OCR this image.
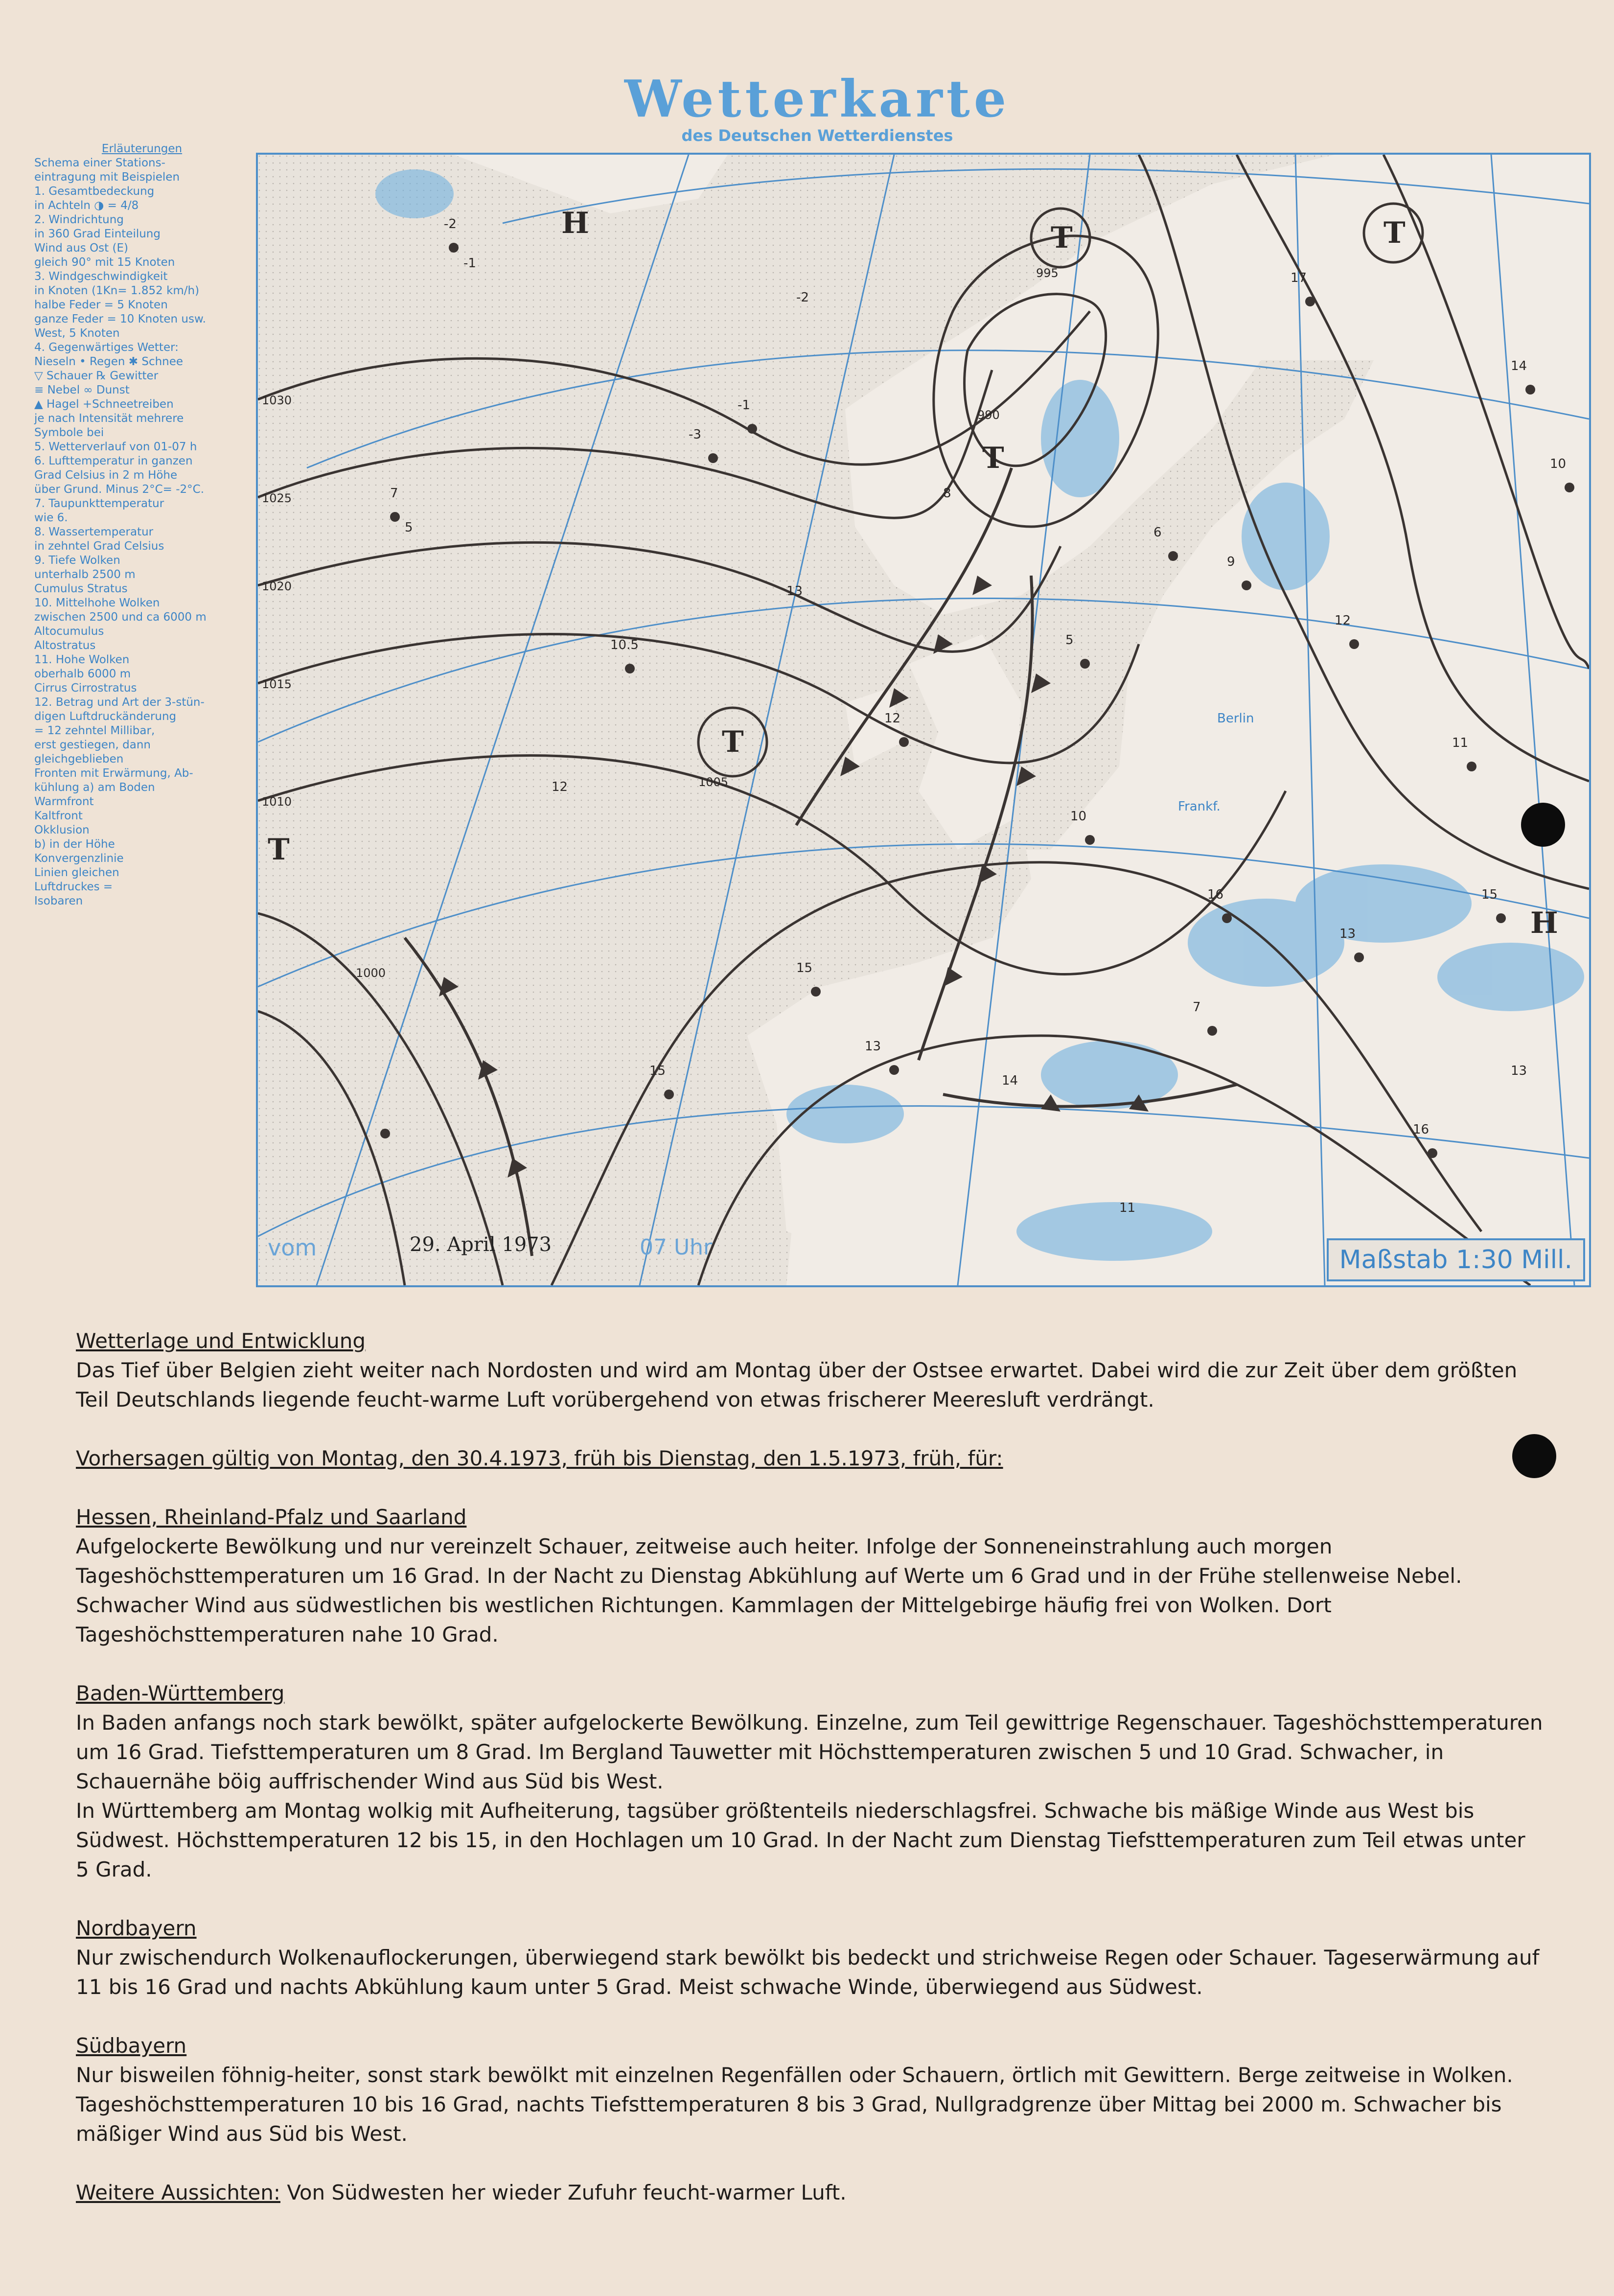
Wetterkarte
des Deutschen Wetterdienstes
Erläuterungen
Schema einer Stations-
eintragung mit Beispielen
1. Gesamtbedeckung
in Achteln ◑ = 4/8
2. Windrichtung
in 360 Grad Einteilung
Wind aus Ost (E)
gleich 90° mit 15 Knoten
3. Windgeschwindigkeit
in Knoten (1Kn= 1.852 km/h)
halbe Feder = 5 Knoten
ganze Feder = 10 Knoten usw.
West, 5 Knoten
4. Gegenwärtiges Wetter:
Nieseln • Regen ✱ Schnee
▽ Schauer ℞ Gewitter
≡ Nebel ∞ Dunst
▲ Hagel +Schneetreiben
je nach Intensität mehrere
Symbole bei
5. Wetterverlauf von 01-07 h
6. Lufttemperatur in ganzen
Grad Celsius in 2 m Höhe
über Grund. Minus 2°C= -2°C.
7. Taupunkttemperatur
wie 6.
8. Wassertemperatur
in zehntel Grad Celsius
9. Tiefe Wolken
unterhalb 2500 m
Cumulus Stratus
10. Mittelhohe Wolken
zwischen 2500 und ca 6000 m
Altocumulus
Altostratus
11. Hohe Wolken
oberhalb 6000 m
Cirrus Cirrostratus
12. Betrag und Art der 3-stün-
digen Luftdruckänderung
= 12 zehntel Millibar,
erst gestiegen, dann
gleichgeblieben
Fronten mit Erwärmung, Ab-
kühlung a) am Boden
Warmfront
Kaltfront
Okklusion
b) in der Höhe
Konvergenzlinie
Linien gleichen
Luftdruckes =
Isobaren
-2
-1
7
5
10.5
-3
-1
-2
13
10
16
12
11
13
15
6
9
14
10
17
7
12
5
15
16
15
13
8
12
14
11
13
1030
1025
1020
1015
1010
1005
1000
995
990
H
H
T
T
T	T
T
Berlin
Frankf.
vom	29. April 1973	07 Uhr	Maßstab 1:30 Mill.

Wetterlage und Entwicklung

Das Tief über Belgien zieht weiter nach Nordosten und wird am Montag über der Ostsee erwartet. Dabei wird die zur Zeit über dem größten Teil Deutschlands liegende feucht-warme Luft vorübergehend von etwas frischerer Meeresluft verdrängt.

Vorhersagen gültig von Montag, den 30.4.1973, früh bis Dienstag, den 1.5.1973, früh, für:

Hessen, Rheinland-Pfalz und Saarland

Aufgelockerte Bewölkung und nur vereinzelt Schauer, zeitweise auch heiter. Infolge der Sonneneinstrahlung auch morgen Tageshöchsttemperaturen um 16 Grad. In der Nacht zu Dienstag Abkühlung auf Werte um 6 Grad und in der Frühe stellenweise Nebel. Schwacher Wind aus südwestlichen bis westlichen Richtungen. Kammlagen der Mittelgebirge häufig frei von Wolken. Dort Tageshöchsttemperaturen nahe 10 Grad.

Baden-Württemberg

In Baden anfangs noch stark bewölkt, später aufgelockerte Bewölkung. Einzelne, zum Teil gewittrige Regenschauer. Tageshöchsttemperaturen um 16 Grad. Tiefsttemperaturen um 8 Grad. Im Bergland Tauwetter mit Höchsttemperaturen zwischen 5 und 10 Grad. Schwacher, in Schauernähe böig auffrischender Wind aus Süd bis West.

In Württemberg am Montag wolkig mit Aufheiterung, tagsüber größtenteils niederschlagsfrei. Schwache bis mäßige Winde aus West bis Südwest. Höchsttemperaturen 12 bis 15, in den Hochlagen um 10 Grad. In der Nacht zum Dienstag Tiefsttemperaturen zum Teil etwas unter 5 Grad.

Nordbayern

Nur zwischendurch Wolkenauflockerungen, überwiegend stark bewölkt bis bedeckt und strichweise Regen oder Schauer. Tageserwärmung auf 11 bis 16 Grad und nachts Abkühlung kaum unter 5 Grad. Meist schwache Winde, überwiegend aus Südwest.

Südbayern

Nur bisweilen föhnig-heiter, sonst stark bewölkt mit einzelnen Regenfällen oder Schauern, örtlich mit Gewittern. Berge zeitweise in Wolken. Tageshöchsttemperaturen 10 bis 16 Grad, nachts Tiefsttemperaturen 8 bis 3 Grad, Nullgradgrenze über Mittag bei 2000 m. Schwacher bis mäßiger Wind aus Süd bis West.

Weitere Aussichten: Von Südwesten her wieder Zufuhr feucht-warmer Luft.
